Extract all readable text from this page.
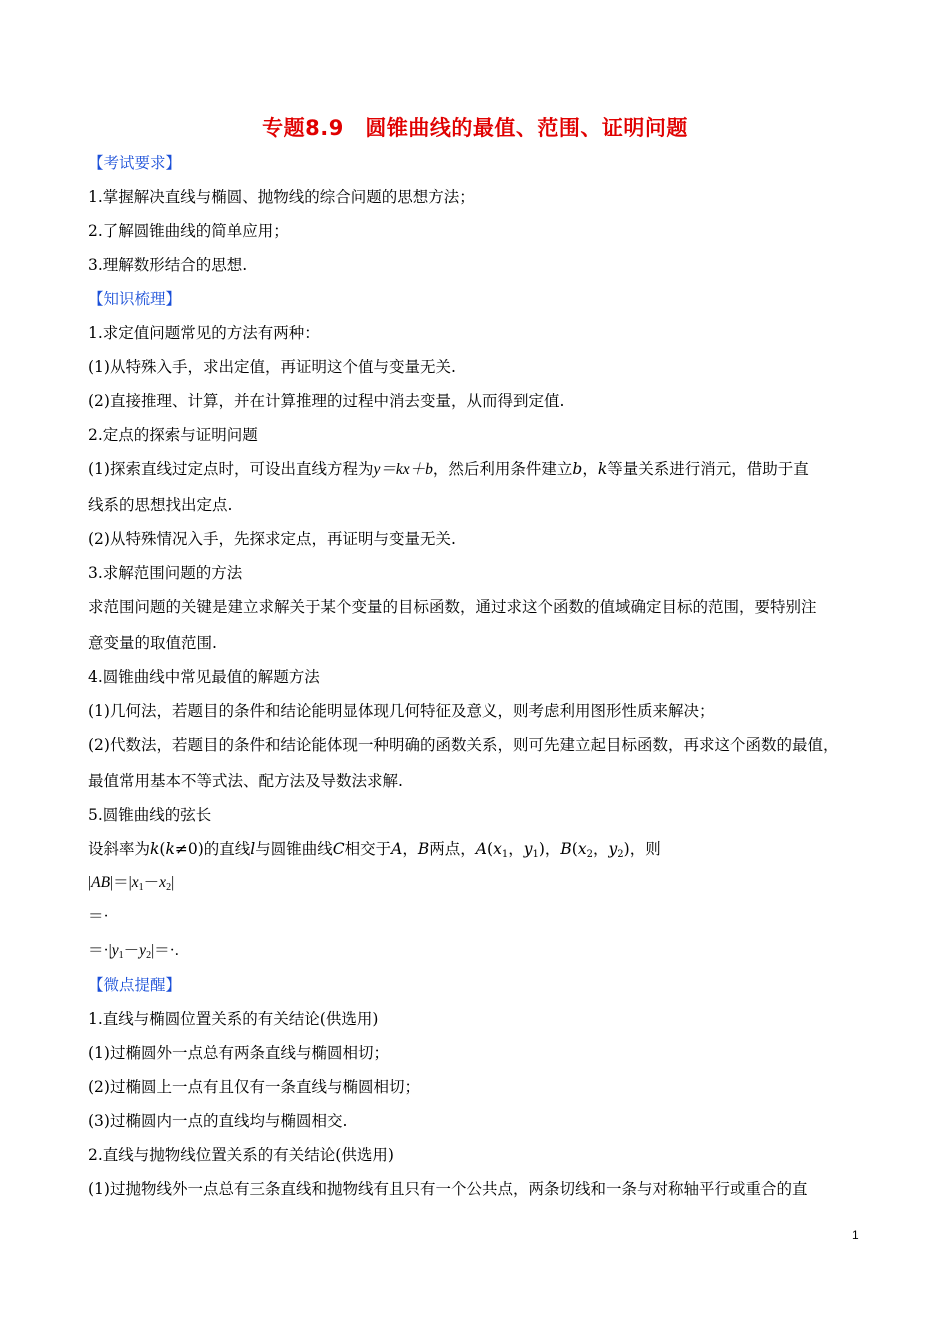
专题8.9　圆锥曲线的最值、范围、证明问题
【考试要求】
1.掌握解决直线与椭圆、抛物线的综合问题的思想方法；
2.了解圆锥曲线的简单应用；
3.理解数形结合的思想.
【知识梳理】
1.求定值问题常见的方法有两种：
(1)从特殊入手，求出定值，再证明这个值与变量无关.
(2)直接推理、计算，并在计算推理的过程中消去变量，从而得到定值.
2.定点的探索与证明问题
(1)探索直线过定点时，可设出直线方程为y＝kx＋b，然后利用条件建立b，k等量关系进行消元，借助于直
线系的思想找出定点.
(2)从特殊情况入手，先探求定点，再证明与变量无关.
3.求解范围问题的方法
求范围问题的关键是建立求解关于某个变量的目标函数，通过求这个函数的值域确定目标的范围，要特别注
意变量的取值范围.
4.圆锥曲线中常见最值的解题方法
(1)几何法，若题目的条件和结论能明显体现几何特征及意义，则考虑利用图形性质来解决；
(2)代数法，若题目的条件和结论能体现一种明确的函数关系，则可先建立起目标函数，再求这个函数的最值，
最值常用基本不等式法、配方法及导数法求解.
5.圆锥曲线的弦长
设斜率为k(k≠0)的直线l与圆锥曲线C相交于A，B两点，$A(x_1$，$y_1$)，$B(x_2$，$y_2$)，则
$|AB|=|x_1-x_2|$
＝·
$=\cdot|y_1-y_2|=\cdot$.
【微点提醒】
1.直线与椭圆位置关系的有关结论(供选用)
(1)过椭圆外一点总有两条直线与椭圆相切；
(2)过椭圆上一点有且仅有一条直线与椭圆相切；
(3)过椭圆内一点的直线均与椭圆相交.
2.直线与抛物线位置关系的有关结论(供选用)
(1)过抛物线外一点总有三条直线和抛物线有且只有一个公共点，两条切线和一条与对称轴平行或重合的直
1
